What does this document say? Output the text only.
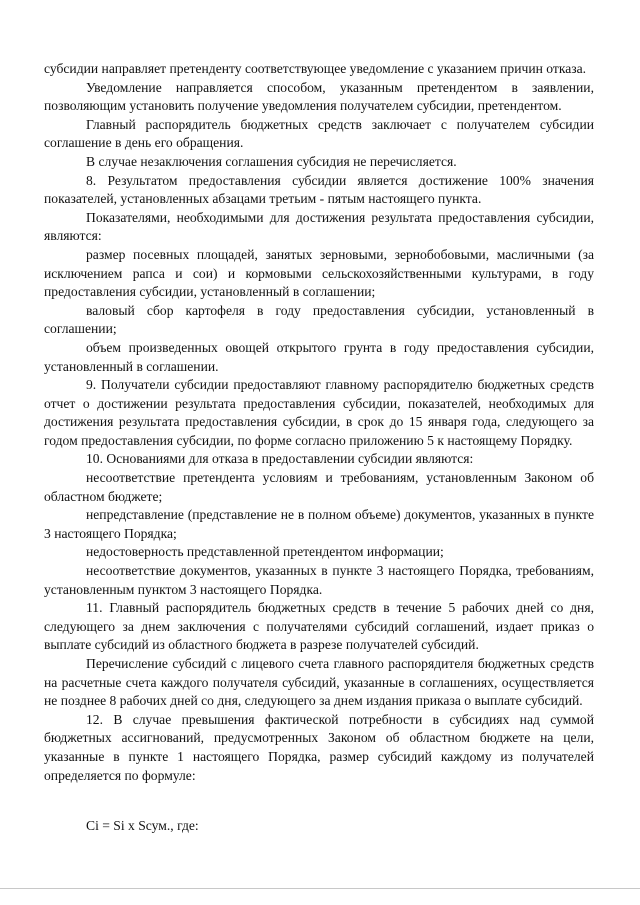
субсидии направляет претенденту соответствующее уведомление с указанием причин отказа.

Уведомление направляется способом, указанным претендентом в заявлении, позволяющим установить получение уведомления получателем субсидии, претендентом.

Главный распорядитель бюджетных средств заключает с получателем субсидии соглашение в день его обращения.

В случае незаключения соглашения субсидия не перечисляется.

8. Результатом предоставления субсидии является достижение 100% значения показателей, установленных абзацами третьим - пятым настоящего пункта.

Показателями, необходимыми для достижения результата предоставления субсидии, являются:

размер посевных площадей, занятых зерновыми, зернобобовыми, масличными (за исключением рапса и сои) и кормовыми сельскохозяйственными культурами, в году предоставления субсидии, установленный в соглашении;

валовый сбор картофеля в году предоставления субсидии, установленный в соглашении;

объем произведенных овощей открытого грунта в году предоставления субсидии, установленный в соглашении.

9. Получатели субсидии предоставляют главному распорядителю бюджетных средств отчет о достижении результата предоставления субсидии, показателей, необходимых для достижения результата предоставления субсидии, в срок до 15 января года, следующего за годом предоставления субсидии, по форме согласно приложению 5 к настоящему Порядку.

10. Основаниями для отказа в предоставлении субсидии являются:

несоответствие претендента условиям и требованиям, установленным Законом об областном бюджете;

непредставление (представление не в полном объеме) документов, указанных в пункте 3 настоящего Порядка;

недостоверность представленной претендентом информации;

несоответствие документов, указанных в пункте 3 настоящего Порядка, требованиям, установленным пунктом 3 настоящего Порядка.

11. Главный распорядитель бюджетных средств в течение 5 рабочих дней со дня, следующего за днем заключения с получателями субсидий соглашений, издает приказ о выплате субсидий из областного бюджета в разрезе получателей субсидий.

Перечисление субсидий с лицевого счета главного распорядителя бюджетных средств на расчетные счета каждого получателя субсидий, указанные в соглашениях, осуществляется не позднее 8 рабочих дней со дня, следующего за днем издания приказа о выплате субсидий.

12. В случае превышения фактической потребности в субсидиях над суммой бюджетных ассигнований, предусмотренных Законом об областном бюджете на цели, указанные в пункте 1 настоящего Порядка, размер субсидий каждому из получателей определяется по формуле:

Ci = Si x Sсум., где:
